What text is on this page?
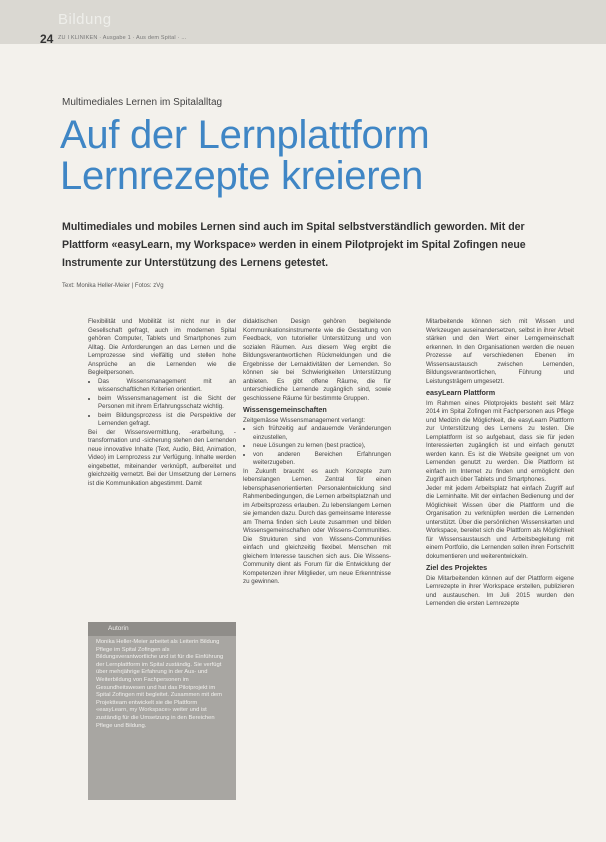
Bildung
24 ZU I KLINIKEN · Ausgabe 1 · Aus dem Spital · ...
Multimediales Lernen im Spitalalltag
Auf der Lernplattform
Lernrezepte kreieren
Multimediales und mobiles Lernen sind auch im Spital selbstverständlich geworden. Mit der Plattform «easyLearn, my Workspace» werden in einem Pilotprojekt im Spital Zofingen neue Instrumente zur Unterstützung des Lernens getestet.
Text: Monika Heller-Meier | Fotos: zVg

Flexibilität und Mobilität ist nicht nur in der Gesellschaft gefragt, auch im modernen Spital gehören Computer, Tablets und Smartphones zum Alltag. Die Anforderungen an das Lernen und die Lernprozesse sind vielfältig und stellen hohe Ansprüche an die Lernenden wie die Begleitpersonen.

• Das Wissensmanagement mit an wissenschaftlichen Kriterien orientiert.
• beim Wissensmanagement ist die Sicht der Personen mit ihrem Erfahrungsschatz wichtig.
• beim Bildungsprozess ist die Perspektive der Lernenden gefragt.

Bei der Wissensvermittlung, -erarbeitung, -transformation und -sicherung stehen den Lernenden neue innovative Inhalte (Text, Audio, Bild, Animation, Video) im Lernprozess zur Verfügung. Inhalte werden eingebettet, miteinander verknüpft, aufbereitet und gleichzeitig vernetzt. Bei der Umsetzung der Lernens ist die Kommunikation abgestimmt. Damit

Autorin

Monika Heller-Meier arbeitet als Leiterin Bildung Pflege im Spital Zofingen als Bildungsverantwortliche und ist für die Einführung der Lernplattform im Spital zuständig. Sie verfügt über mehrjährige Erfahrung in der Aus- und Weiterbildung von Fachpersonen im Gesundheitswesen und hat das Pilotprojekt im Spital Zofingen mit begleitet. Zusammen mit dem Projektteam entwickelt sie die Plattform «easyLearn, my Workspace» weiter und ist zuständig für die Umsetzung in den Bereichen Pflege und Bildung.

didaktischen Design gehören begleitende Kommunikationsinstrumente wie die Gestaltung von Feedback, von tutorieller Unterstützung und von sozialen Räumen. Aus diesem Weg ergibt die Bildungsverantwortlichen Rückmeldungen und die Ergebnisse der Lernaktivitäten der Lernenden. So können sie bei Schwierigkeiten Unterstützung anbieten. Es gibt offene Räume, die für unterschiedliche Lernende zugänglich sind, sowie geschlossene Räume für bestimmte Gruppen.

Wissensgemeinschaften

Zeitgemässe Wissensmanagement verlangt:

• sich frühzeitig auf andauernde Veränderungen einzustellen,
• neue Lösungen zu lernen (best practice),
• von anderen Bereichen Erfahrungen weiterzugeben.

In Zukunft braucht es auch Konzepte zum lebenslangen Lernen. Zentral für einen lebensphasenorientierten Personalentwicklung sind Rahmenbedingungen, die Lernen arbeitsplatznah und im Arbeitsprozess erlauben. Zu lebenslangem Lernen sie jemanden dazu. Durch das gemeinsame Interesse am Thema finden sich Leute zusammen und bilden Wissensgemeinschaften oder Wissens-Communities. Die Strukturen sind von Wissens-Communities einfach und gleichzeitig flexibel. Menschen mit gleichem Interesse tauschen sich aus. Die Wissens-Community dient als Forum für die Entwicklung der Kompetenzen ihrer Mitglieder, um neue Erkenntnisse zu gewinnen.

Mitarbeitende können sich mit Wissen und Werkzeugen auseinandersetzen, selbst in ihrer Arbeit stärken und den Wert einer Lerngemeinschaft erkennen. In den Organisationen werden die neuen Prozesse auf verschiedenen Ebenen im Wissensaustausch zwischen Lernenden, Bildungsverantwortlichen, Führung und Leistungsträgern umgesetzt.

easyLearn Plattform

Im Rahmen eines Pilotprojekts besteht seit März 2014 im Spital Zofingen mit Fachpersonen aus Pflege und Medizin die Möglichkeit, die easyLearn Plattform zur Unterstützung des Lernens zu testen. Die Lernplattform ist so aufgebaut, dass sie für jeden Interessierten zugänglich ist und einfach genutzt werden kann. Es ist die Website geeignet um von Lernenden genutzt zu werden. Die Plattform ist einfach im Internet zu finden und ermöglicht den Zugriff auch über Tablets und Smartphones.

Jeder mit jedem Arbeitsplatz hat einfach Zugriff auf die Lerninhalte. Mit der einfachen Bedienung und der Möglichkeit Wissen über die Plattform und die Organisation zu verknüpfen werden die Lernenden unterstützt. Über die persönlichen Wissenskarten und Workspace, bereitet sich die Plattform als Möglichkeit für Wissensaustausch und Arbeitsbegleitung mit einem Portfolio, die Lernenden sollen ihren Fortschritt dokumentieren und weiterentwickeln.

Ziel des Projektes

Die Mitarbeitenden können auf der Plattform eigene Lernrezepte in ihrer Workspace erstellen, publizieren und austauschen. Im Juli 2015 wurden den Lernenden die ersten Lernrezepte
